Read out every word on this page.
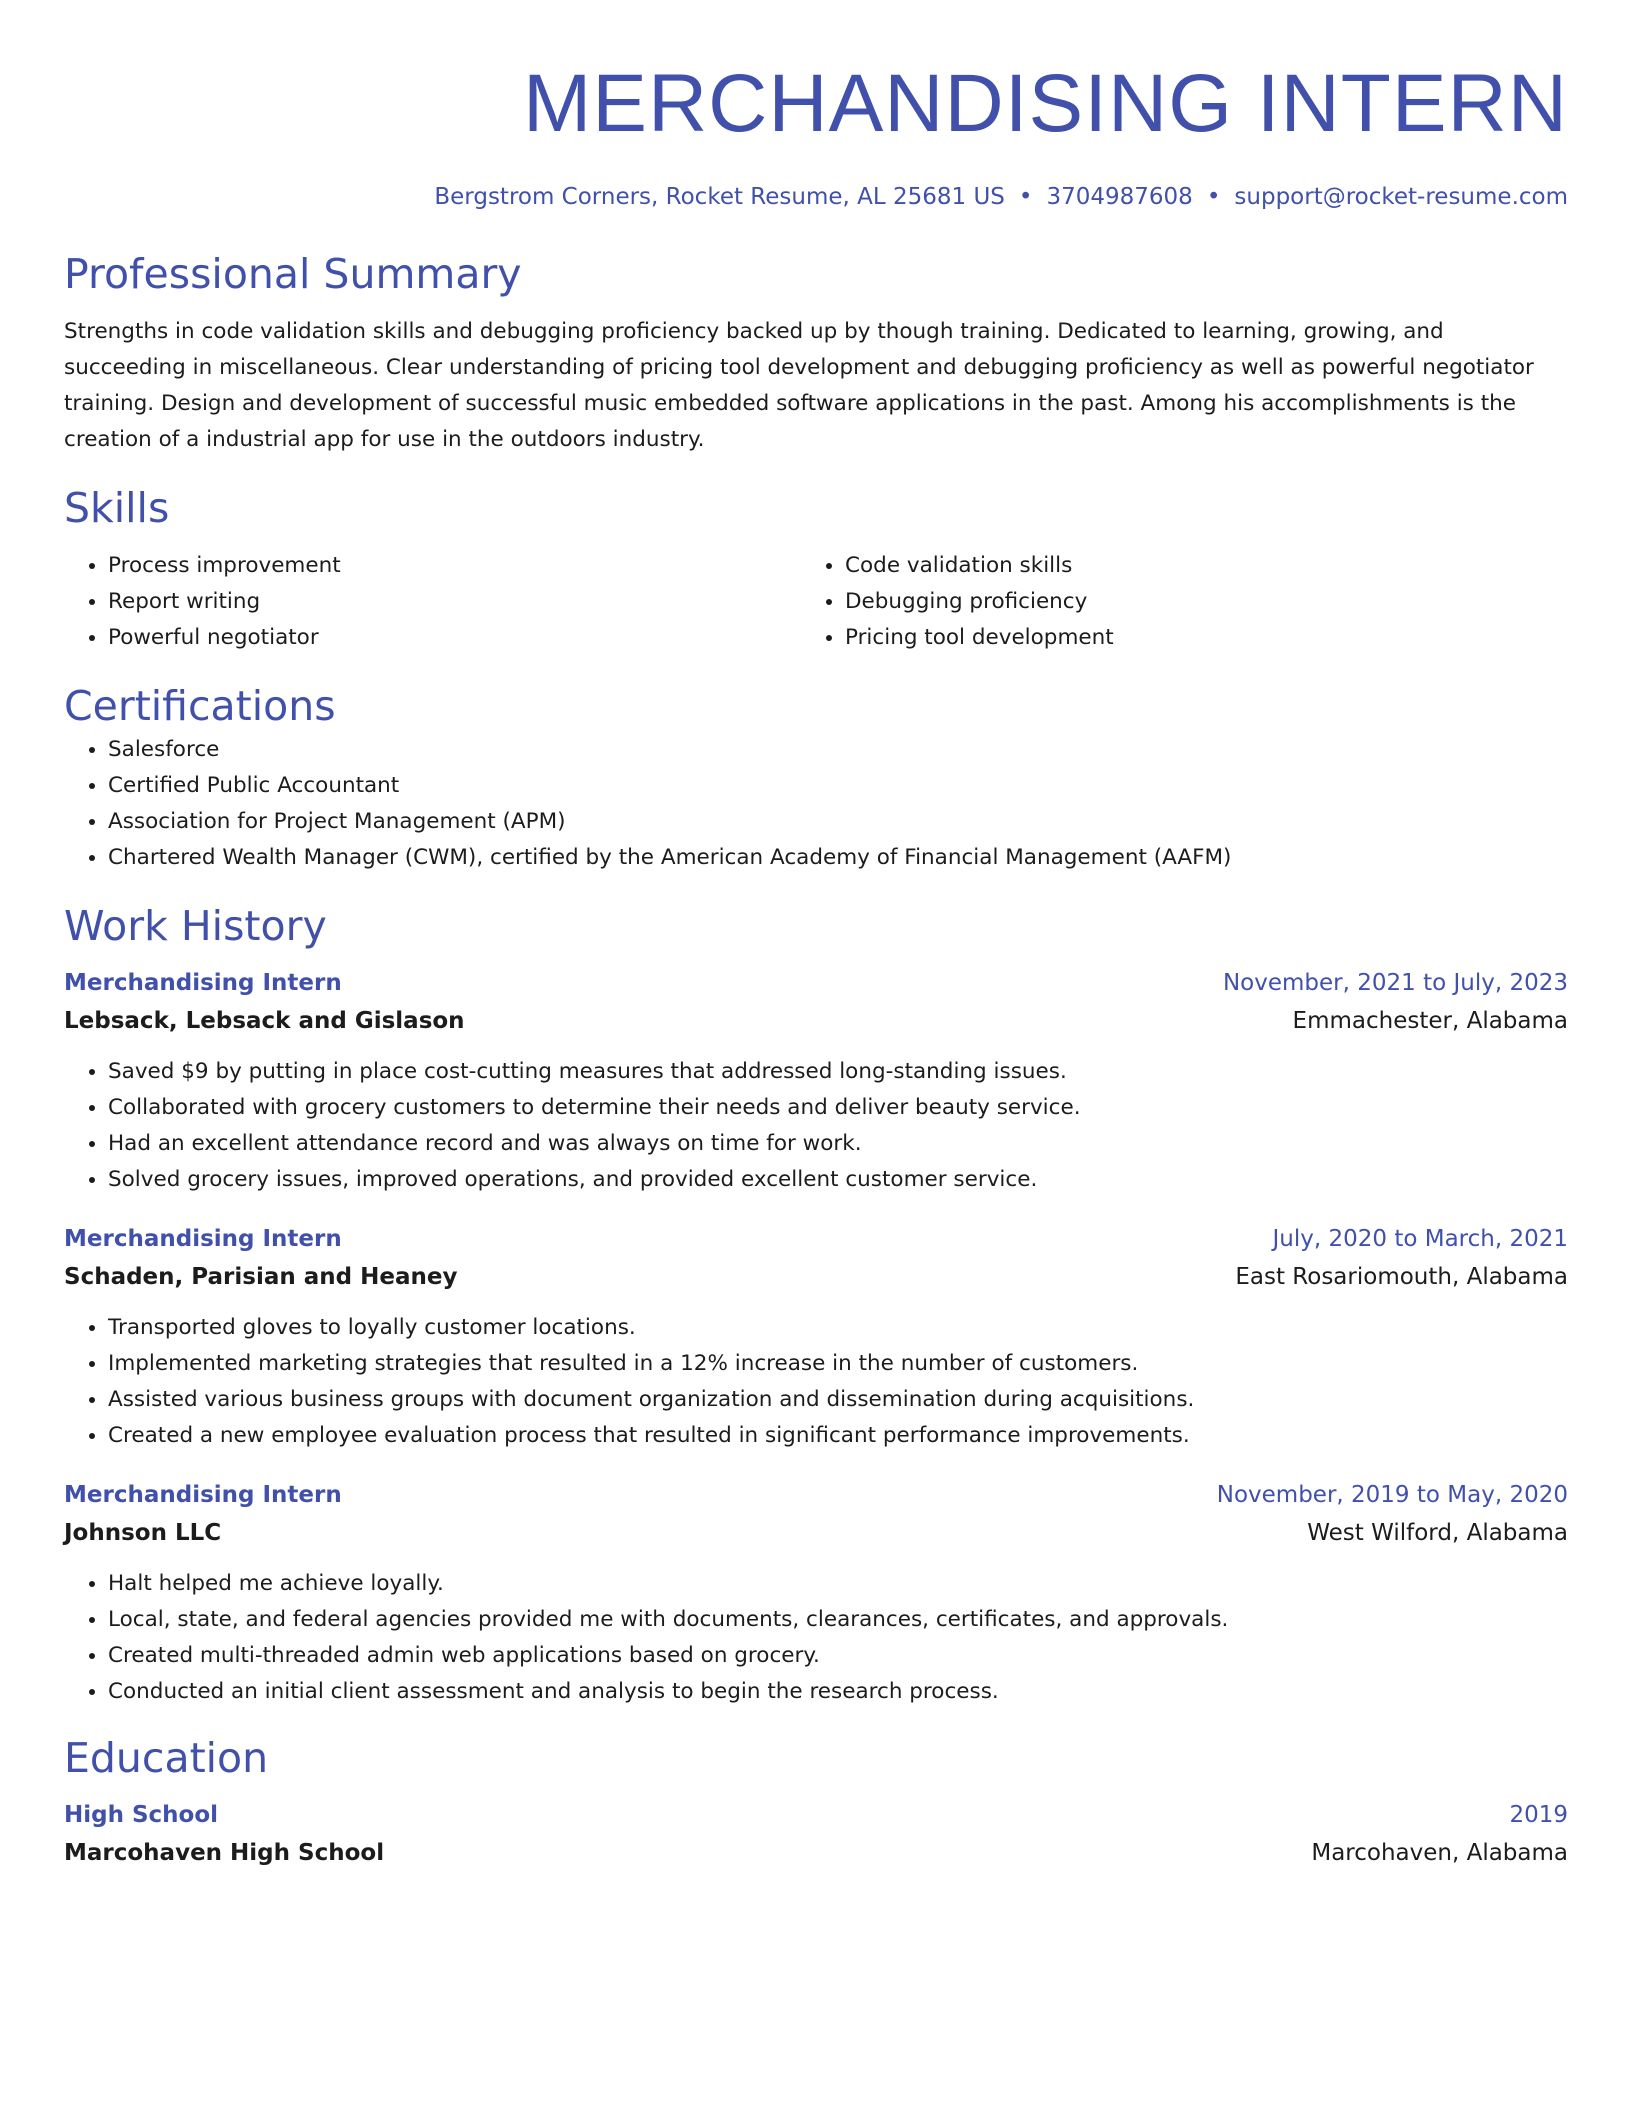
MERCHANDISING INTERN
Bergstrom Corners, Rocket Resume, AL 25681 US • 3704987608 • support@rocket-resume.com
Professional Summary

Strengths in code validation skills and debugging proficiency backed up by though training. Dedicated to learning, growing, and succeeding in miscellaneous. Clear understanding of pricing tool development and debugging proficiency as well as powerful negotiator training. Design and development of successful music embedded software applications in the past. Among his accomplishments is the creation of a industrial app for use in the outdoors industry.

Skills
• Process improvement
• Report writing
• Powerful negotiator
• Code validation skills
• Debugging proficiency
• Pricing tool development
Certifications
• Salesforce
• Certified Public Accountant
• Association for Project Management (APM)
• Chartered Wealth Manager (CWM), certified by the American Academy of Financial Management (AAFM)
Work History
Merchandising Intern	November, 2021 to July, 2023
Lebsack, Lebsack and Gislason	Emmachester, Alabama
• Saved $9 by putting in place cost-cutting measures that addressed long-standing issues.
• Collaborated with grocery customers to determine their needs and deliver beauty service.
• Had an excellent attendance record and was always on time for work.
• Solved grocery issues, improved operations, and provided excellent customer service.
Merchandising Intern	July, 2020 to March, 2021
Schaden, Parisian and Heaney	East Rosariomouth, Alabama
• Transported gloves to loyally customer locations.
• Implemented marketing strategies that resulted in a 12% increase in the number of customers.
• Assisted various business groups with document organization and dissemination during acquisitions.
• Created a new employee evaluation process that resulted in significant performance improvements.
Merchandising Intern	November, 2019 to May, 2020
Johnson LLC	West Wilford, Alabama
• Halt helped me achieve loyally.
• Local, state, and federal agencies provided me with documents, clearances, certificates, and approvals.
• Created multi-threaded admin web applications based on grocery.
• Conducted an initial client assessment and analysis to begin the research process.
Education
High School	2019
Marcohaven High School	Marcohaven, Alabama
